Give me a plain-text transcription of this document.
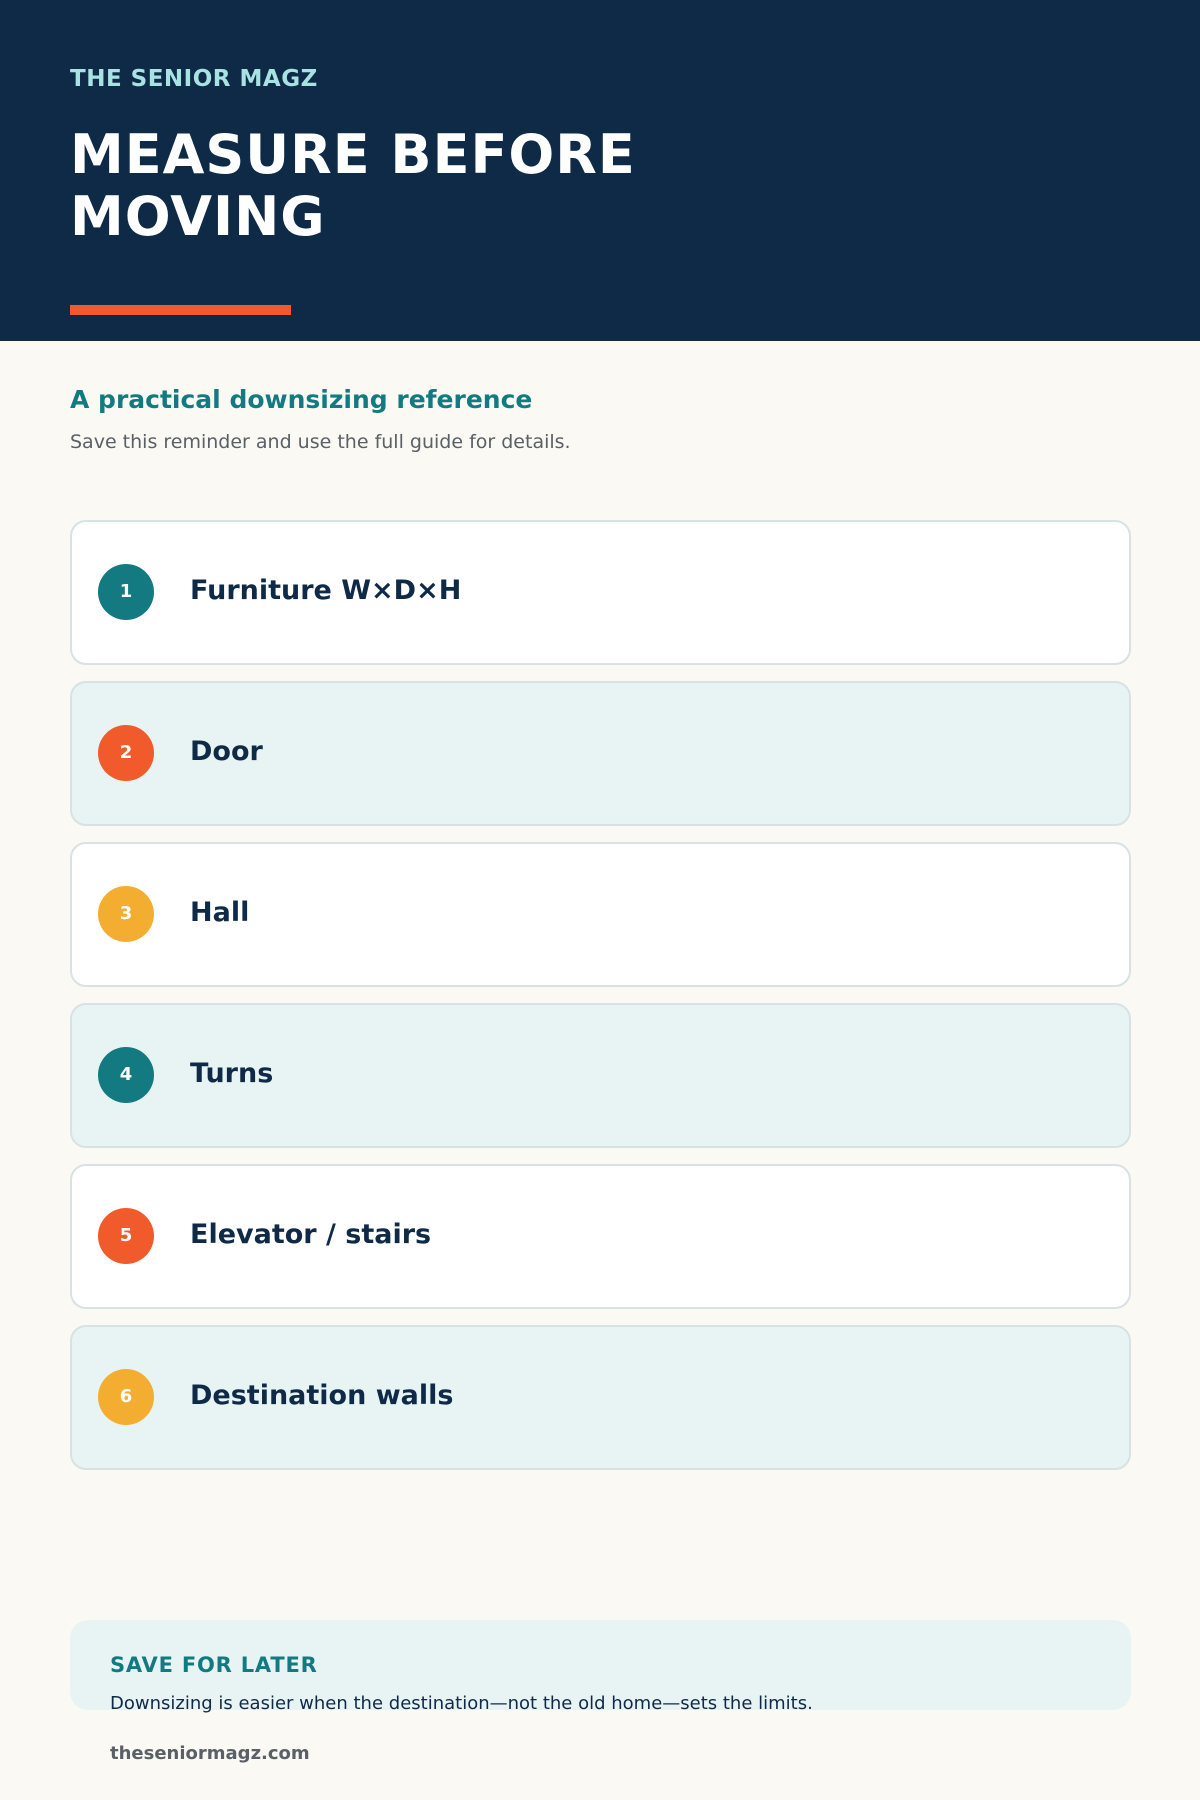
THE SENIOR MAGZ

MEASURE BEFORE MOVING
A practical downsizing reference

Save this reminder and use the full guide for details.

1	Furniture W×D×H
2	Door
3	Hall
4	Turns
5	Elevator / stairs
6	Destination walls

SAVE FOR LATER

Downsizing is easier when the destination—not the old home—sets the limits.

theseniormagz.com
